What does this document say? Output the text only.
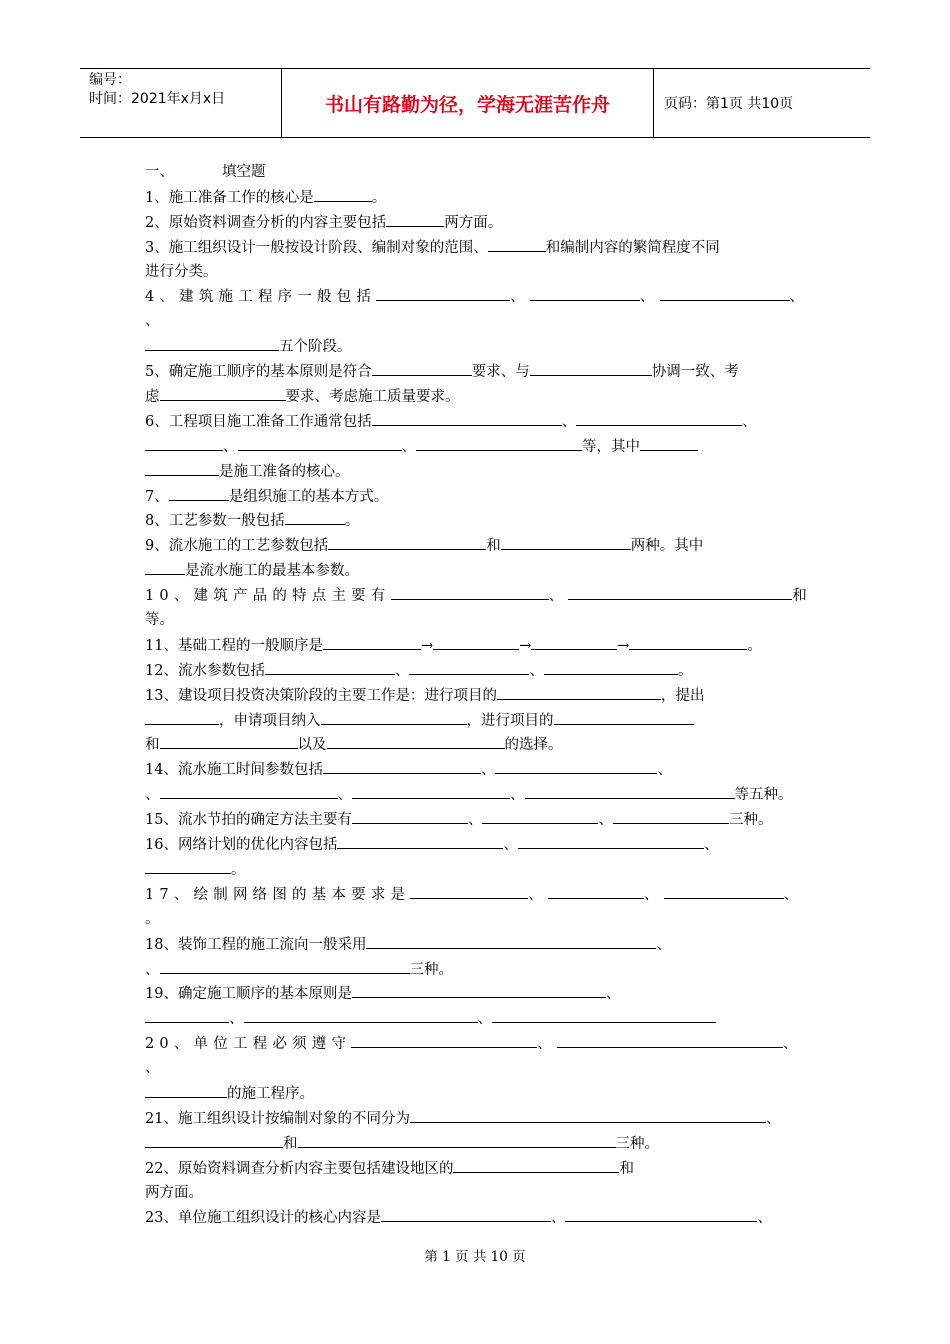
编号：
时间：2021年x月x日	书山有路勤为径，学海无涯苦作舟	页码：第1页 共10页
一、	填空题
1、施工准备工作的核心是	。
2、原始资料调查分析的内容主要包括	两方面。
3、施工组织设计一般按设计阶段、编制对象的范围、	和编制内容的繁简程度不同
进行分类。
4、建筑施工程序一般包括	、	、	、
、
五个阶段。
5、确定施工顺序的基本原则是符合	要求、与	协调一致、考
虑	要求、考虑施工质量要求。
6、工程项目施工准备工作通常包括	、	、
、	、	等，其中
是施工准备的核心。
7、	是组织施工的基本方式。
8、工艺参数一般包括	。
9、流水施工的工艺参数包括	和	两种。其中
是流水施工的最基本参数。
10、建筑产品的特点主要有	、	和
等。
11、基础工程的一般顺序是	→	→	→	。
12、流水参数包括	、	、	。
13、建设项目投资决策阶段的主要工作是：进行项目的	，提出
，申请项目纳入	，进行项目的
和	以及	的选择。
14、流水施工时间参数包括	、	、
、	、	、	等五种。
15、流水节拍的确定方法主要有	、	、	三种。
16、网络计划的优化内容包括	、	、
。
17、绘制网络图的基本要求是	、	、	、
。
18、装饰工程的施工流向一般采用	、
、	三种。
19、确定施工顺序的基本原则是	、
、	、
20、单位工程必须遵守	、	、
、
的施工程序。
21、施工组织设计按编制对象的不同分为	、
和	三种。
22、原始资料调查分析内容主要包括建设地区的	和
两方面。
23、单位施工组织设计的核心内容是	、	、
第 1 页 共 10 页
